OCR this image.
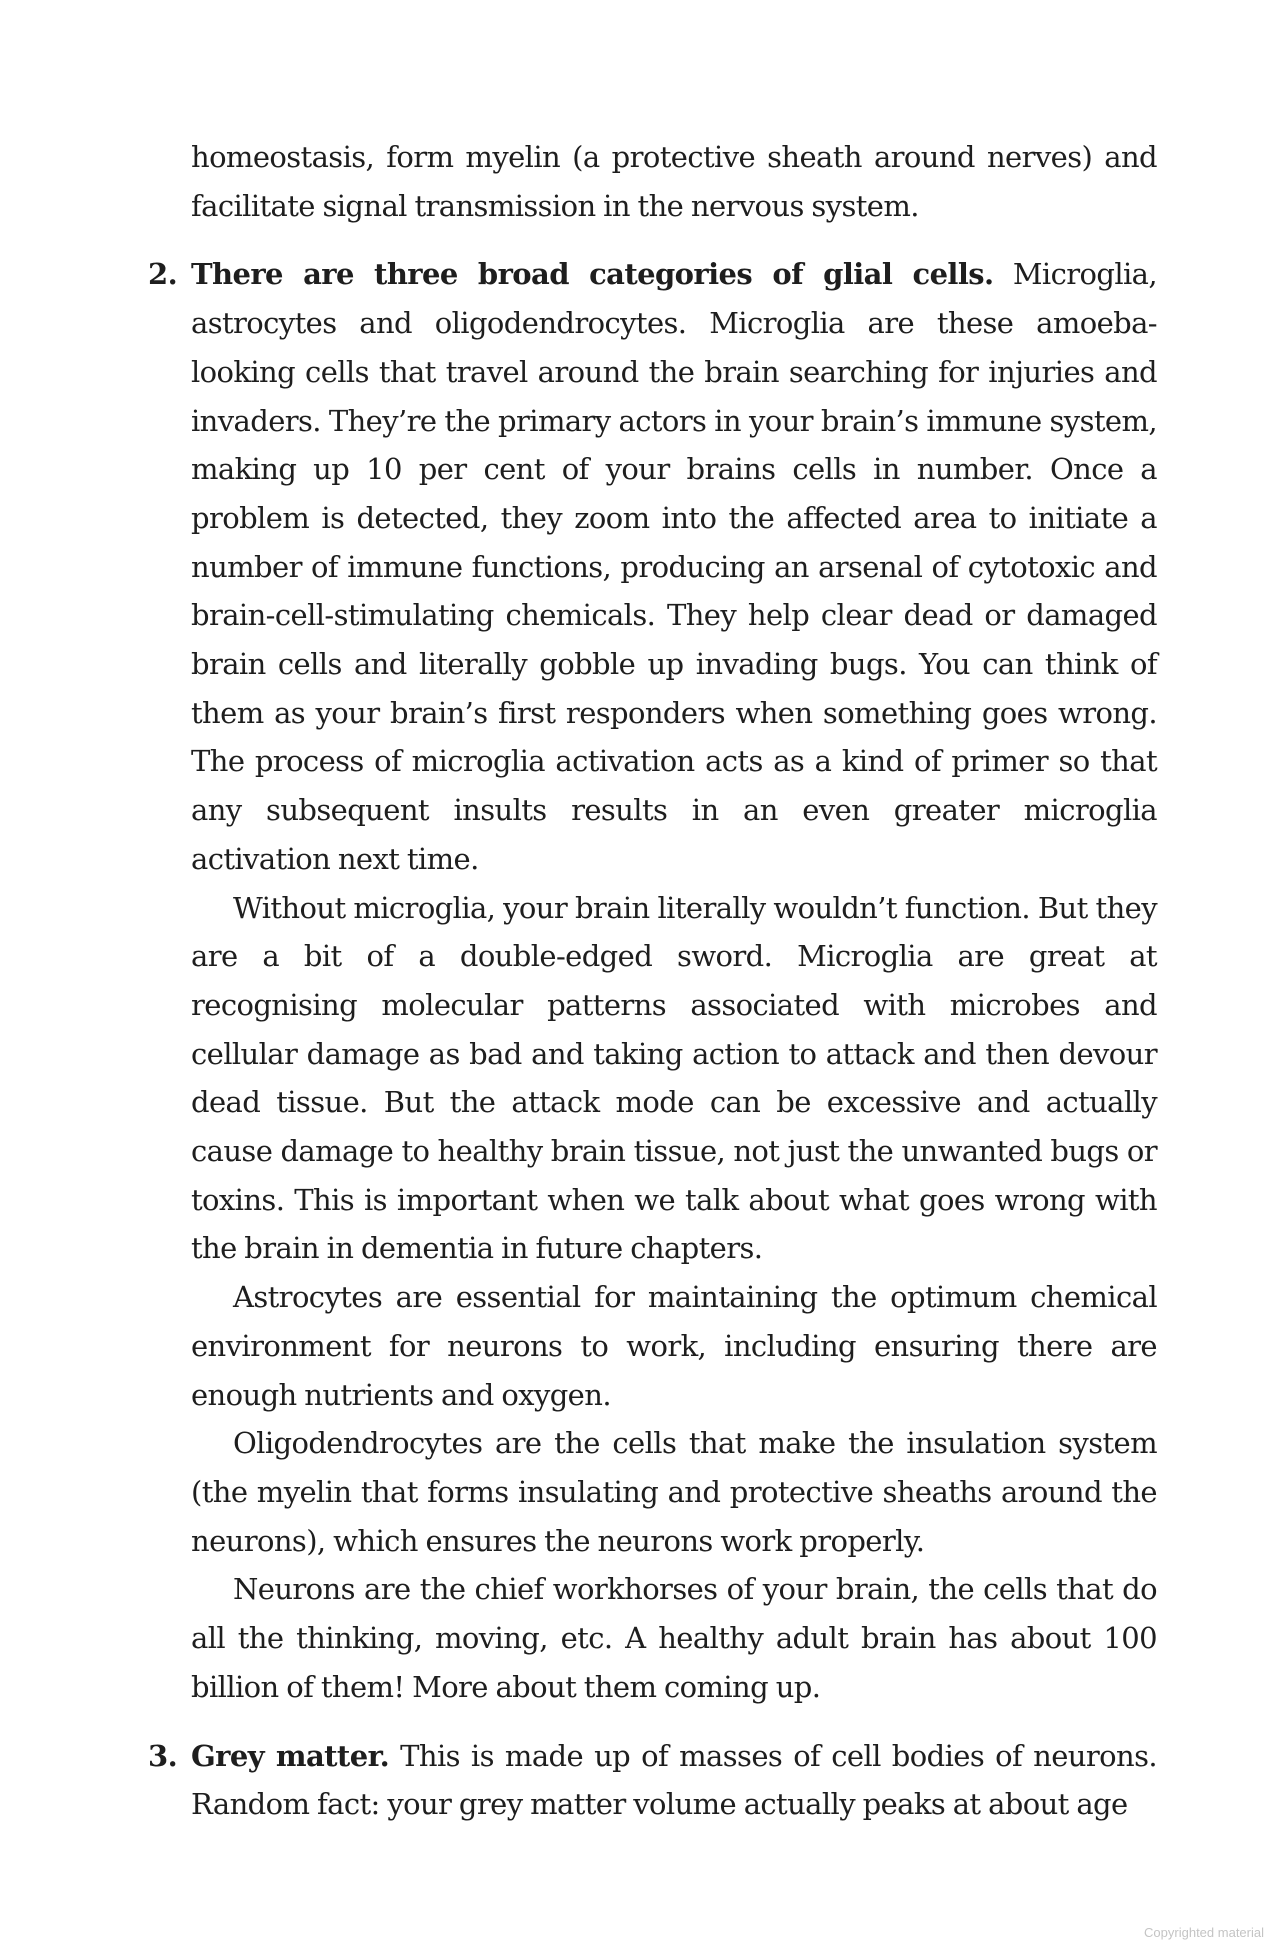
homeostasis, form myelin (a protective sheath around nerves) and facilitate signal transmission in the nervous system.

2. There are three broad categories of glial cells. Microglia, astrocytes and oligodendrocytes. Microglia are these amoeba-looking cells that travel around the brain searching for injuries and invaders. They’re the primary actors in your brain’s immune system, making up 10 per cent of your brains cells in number. Once a problem is detected, they zoom into the affected area to initiate a number of immune functions, producing an arsenal of cytotoxic and brain-cell-stimulating chemicals. They help clear dead or damaged brain cells and literally gobble up invading bugs. You can think of them as your brain’s first responders when something goes wrong. The process of microglia activation acts as a kind of primer so that any subsequent insults results in an even greater microglia activation next time.

Without microglia, your brain literally wouldn’t function. But they are a bit of a double-edged sword. Microglia are great at recognising molecular patterns associated with microbes and cellular damage as bad and taking action to attack and then devour dead tissue. But the attack mode can be excessive and actually cause damage to healthy brain tissue, not just the unwanted bugs or toxins. This is important when we talk about what goes wrong with the brain in dementia in future chapters.

Astrocytes are essential for maintaining the optimum chemical environment for neurons to work, including ensuring there are enough nutrients and oxygen.

Oligodendrocytes are the cells that make the insulation system (the myelin that forms insulating and protective sheaths around the neurons), which ensures the neurons work properly.

Neurons are the chief workhorses of your brain, the cells that do all the thinking, moving, etc. A healthy adult brain has about 100 billion of them! More about them coming up.

3. Grey matter. This is made up of masses of cell bodies of neurons. Random fact: your grey matter volume actually peaks at about age

Copyrighted material
